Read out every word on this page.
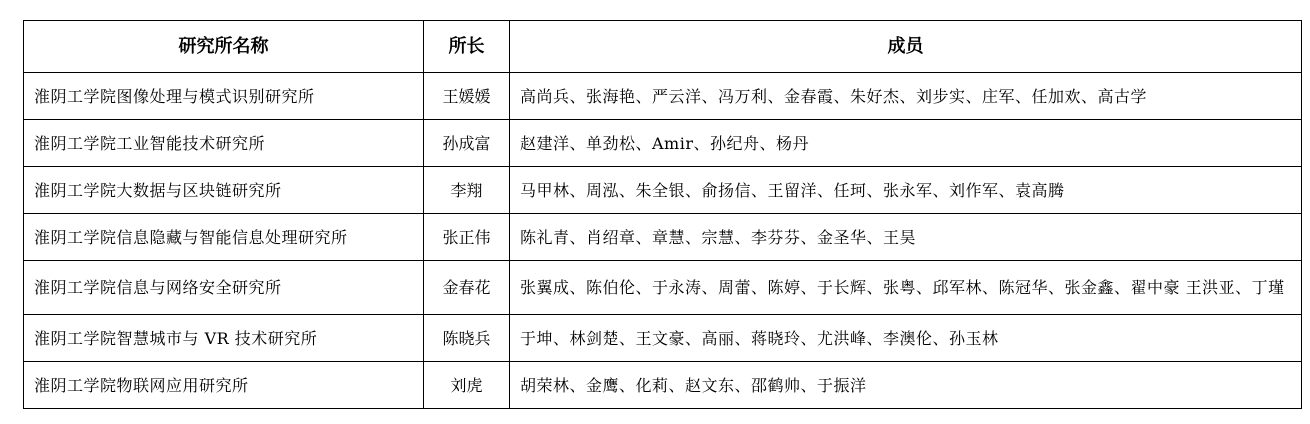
研究所名称	所长	成员
淮阴工学院图像处理与模式识别研究所	王媛媛	高尚兵、张海艳、严云洋、冯万利、金春霞、朱好杰、刘步实、庄军、任加欢、高古学
淮阴工学院工业智能技术研究所	孙成富	赵建洋、单劲松、Amir、孙纪舟、杨丹
淮阴工学院大数据与区块链研究所	李翔	马甲林、周泓、朱全银、俞扬信、王留洋、任珂、张永军、刘作军、袁高腾
淮阴工学院信息隐藏与智能信息处理研究所	张正伟	陈礼青、肖绍章、章慧、宗慧、李芬芬、金圣华、王昊
淮阴工学院信息与网络安全研究所	金春花	张翼成、陈伯伦、于永涛、周蕾、陈婷、于长辉、张粤、邱军林、陈冠华、张金鑫、翟中豪 王洪亚、丁瑾
淮阴工学院智慧城市与 VR 技术研究所	陈晓兵	于坤、林剑楚、王文豪、高丽、蒋晓玲、尤洪峰、李澳伦、孙玉林
淮阴工学院物联网应用研究所	刘虎	胡荣林、金鹰、化莉、赵文东、邵鹤帅、于振洋
